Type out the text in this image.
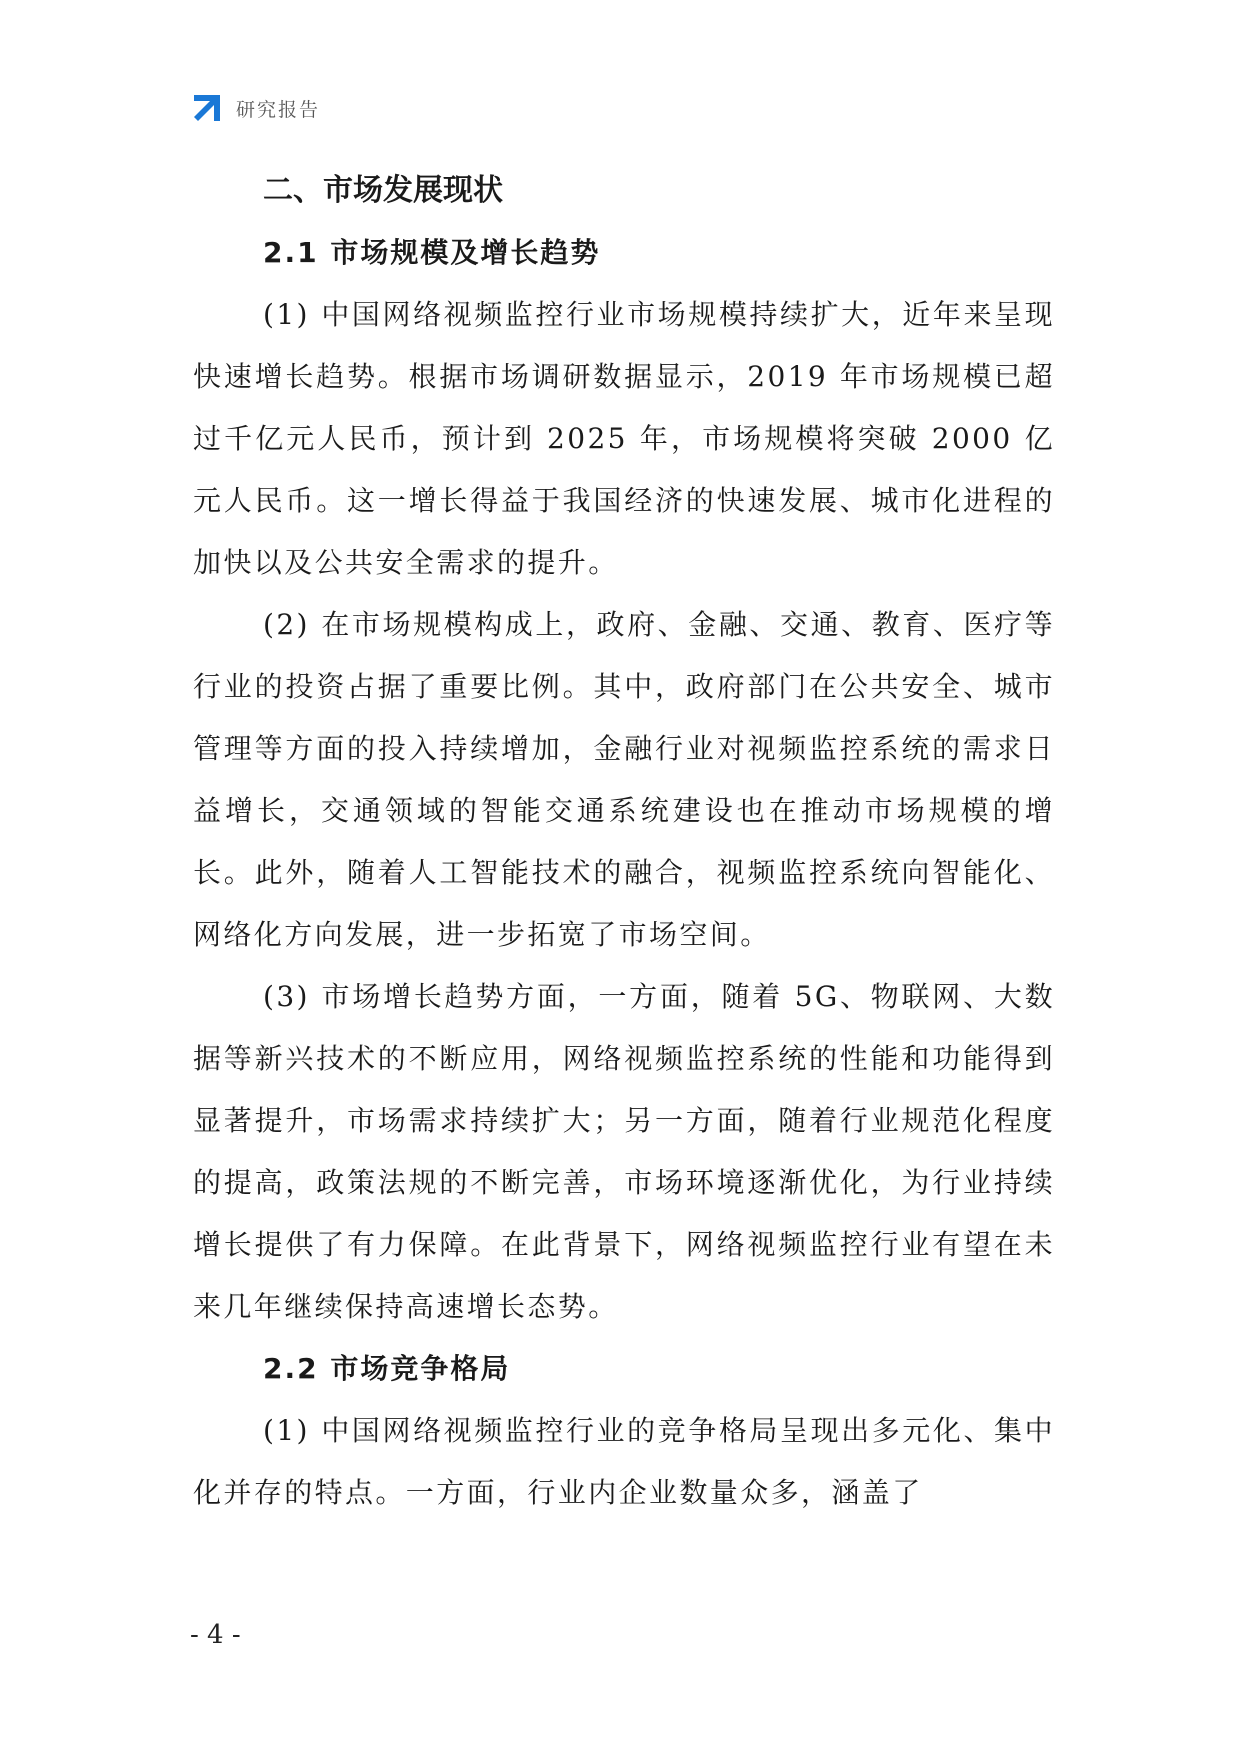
研究报告
二、市场发展现状
2.1 市场规模及增长趋势

(1) 中国网络视频监控行业市场规模持续扩大，近年来呈现快速增长趋势。根据市场调研数据显示，2019 年市场规模已超过千亿元人民币，预计到 2025 年，市场规模将突破 2000 亿元人民币。这一增长得益于我国经济的快速发展、城市化进程的加快以及公共安全需求的提升。

(2) 在市场规模构成上，政府、金融、交通、教育、医疗等行业的投资占据了重要比例。其中，政府部门在公共安全、城市管理等方面的投入持续增加，金融行业对视频监控系统的需求日益增长，交通领域的智能交通系统建设也在推动市场规模的增长。此外，随着人工智能技术的融合，视频监控系统向智能化、网络化方向发展，进一步拓宽了市场空间。

(3) 市场增长趋势方面，一方面，随着 5G、物联网、大数据等新兴技术的不断应用，网络视频监控系统的性能和功能得到显著提升，市场需求持续扩大；另一方面，随着行业规范化程度的提高，政策法规的不断完善，市场环境逐渐优化，为行业持续增长提供了有力保障。在此背景下，网络视频监控行业有望在未来几年继续保持高速增长态势。

2.2 市场竞争格局

(1) 中国网络视频监控行业的竞争格局呈现出多元化、集中化并存的特点。一方面，行业内企业数量众多，涵盖了

- 4 -
